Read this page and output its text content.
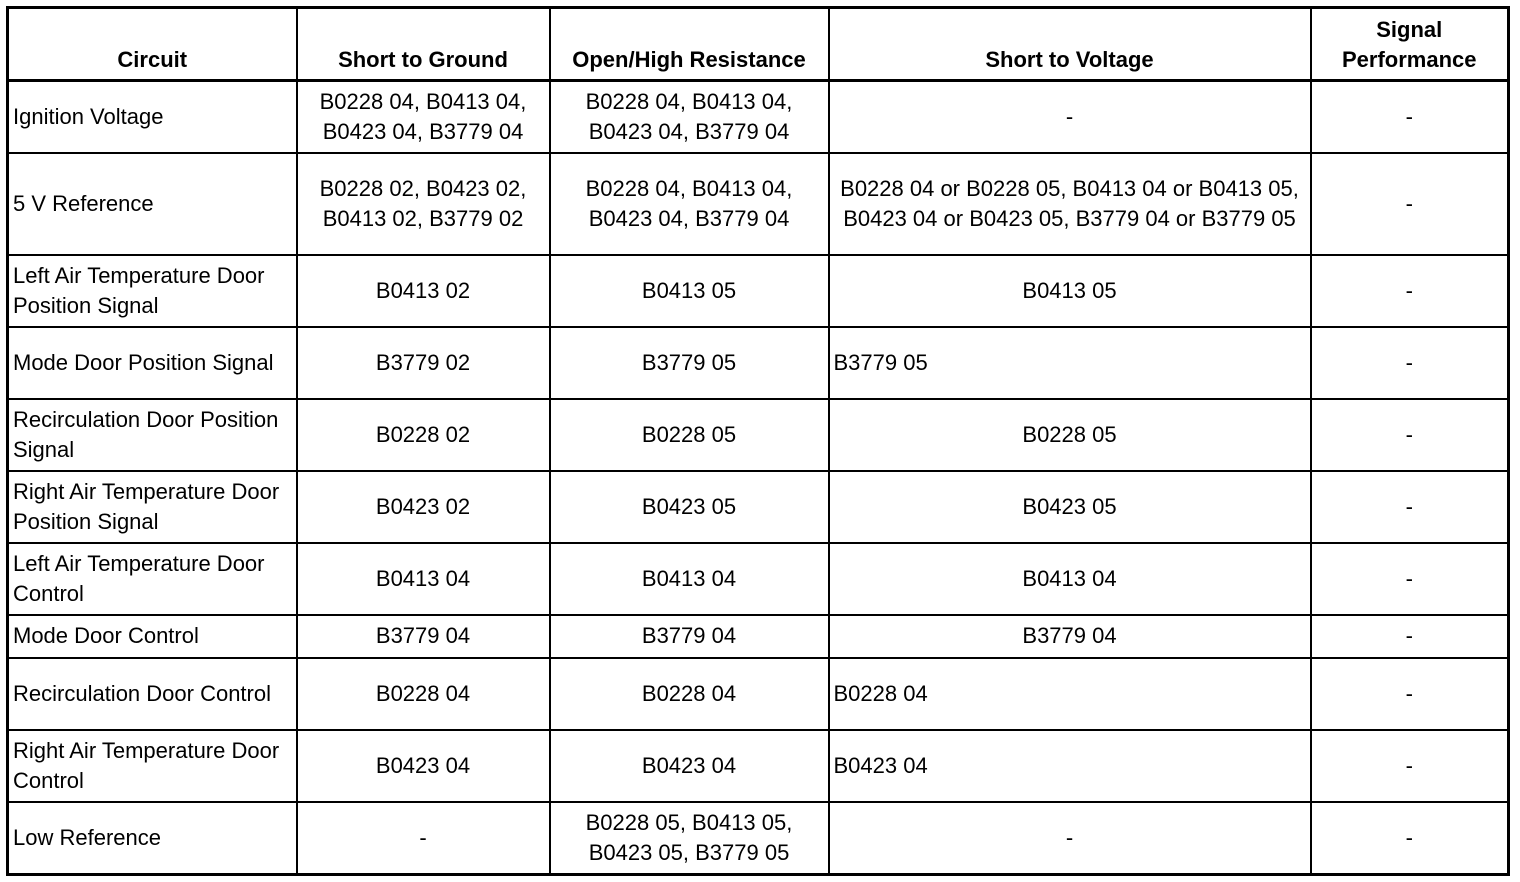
Circuit	Short to Ground	Open/High Resistance	Short to Voltage	Signal Performance
Ignition Voltage	B0228 04, B0413 04, B0423 04, B3779 04	B0228 04, B0413 04, B0423 04, B3779 04	-	-
5 V Reference	B0228 02, B0423 02, B0413 02, B3779 02	B0228 04, B0413 04, B0423 04, B3779 04	B0228 04 or B0228 05, B0413 04 or B0413 05, B0423 04 or B0423 05, B3779 04 or B3779 05	-
Left Air Temperature Door Position Signal	B0413 02	B0413 05	B0413 05	-
Mode Door Position Signal	B3779 02	B3779 05	B3779 05	-
Recirculation Door Position Signal	B0228 02	B0228 05	B0228 05	-
Right Air Temperature Door Position Signal	B0423 02	B0423 05	B0423 05	-
Left Air Temperature Door Control	B0413 04	B0413 04	B0413 04	-
Mode Door Control	B3779 04	B3779 04	B3779 04	-
Recirculation Door Control	B0228 04	B0228 04	B0228 04	-
Right Air Temperature Door Control	B0423 04	B0423 04	B0423 04	-
Low Reference	-	B0228 05, B0413 05, B0423 05, B3779 05	-	-
